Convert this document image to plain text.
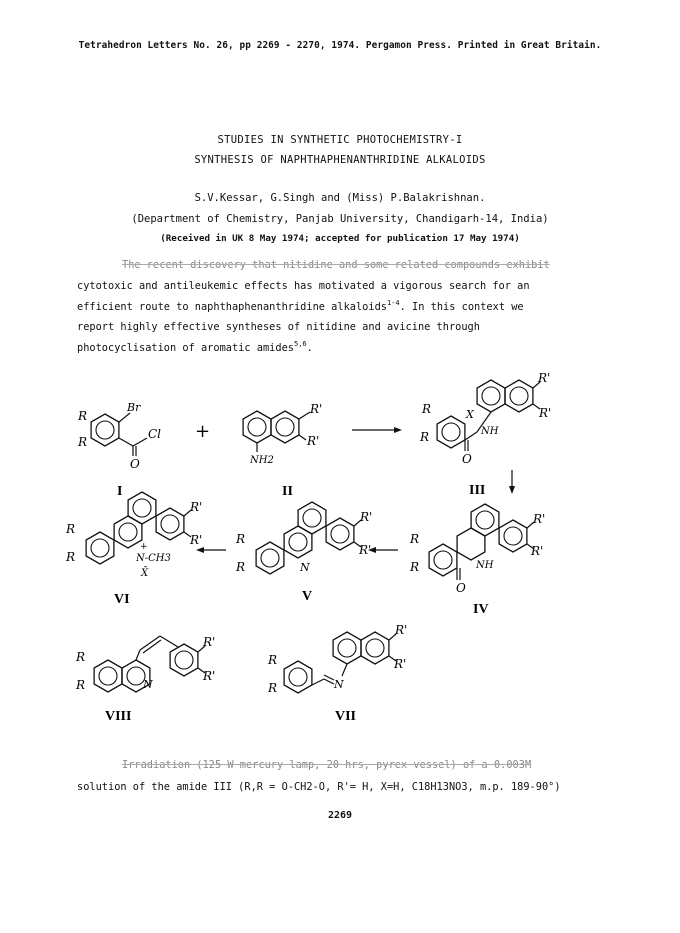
Tetrahedron Letters No. 26, pp 2269 - 2270, 1974. Pergamon Press. Printed in Great Britain.
STUDIES IN SYNTHETIC PHOTOCHEMISTRY-I
SYNTHESIS OF NAPHTHAPHENANTHRIDINE ALKALOIDS
S.V.Kessar, G.Singh and (Miss) P.Balakrishnan.
(Department of Chemistry, Panjab University, Chandigarh-14, India)
(Received in UK 8 May 1974; accepted for publication 17 May 1974)
The recent discovery that nitidine and some related compounds exhibit
cytotoxic and antileukemic effects has motivated a vigorous search for an
efficient route to naphthaphenanthridine alkaloids$^{1-4}$. In this context we
report highly effective syntheses of nitidine and avicine through
photocyclisation of aromatic amides$^{5,6}$.
R
R
Br
Cl
O
I
+
R'
R'
NH2
II
R
R
X
NH
O
R'
R'
III
R
R	NH
O
R'
R'
IV
R
R	N
R'
R'
V
R
R
+
N-CH3
X̄
R'
R'
VI
R
R	N
R'
R'
VIII
R
R	N
R'
R'
VII
Irradiation (125 W mercury lamp, 20 hrs, pyrex vessel) of a 0.003M
solution of the amide III (R,R = O-CH2-O, R'= H, X=H, C18H13NO3, m.p. 189-90°)
2269
